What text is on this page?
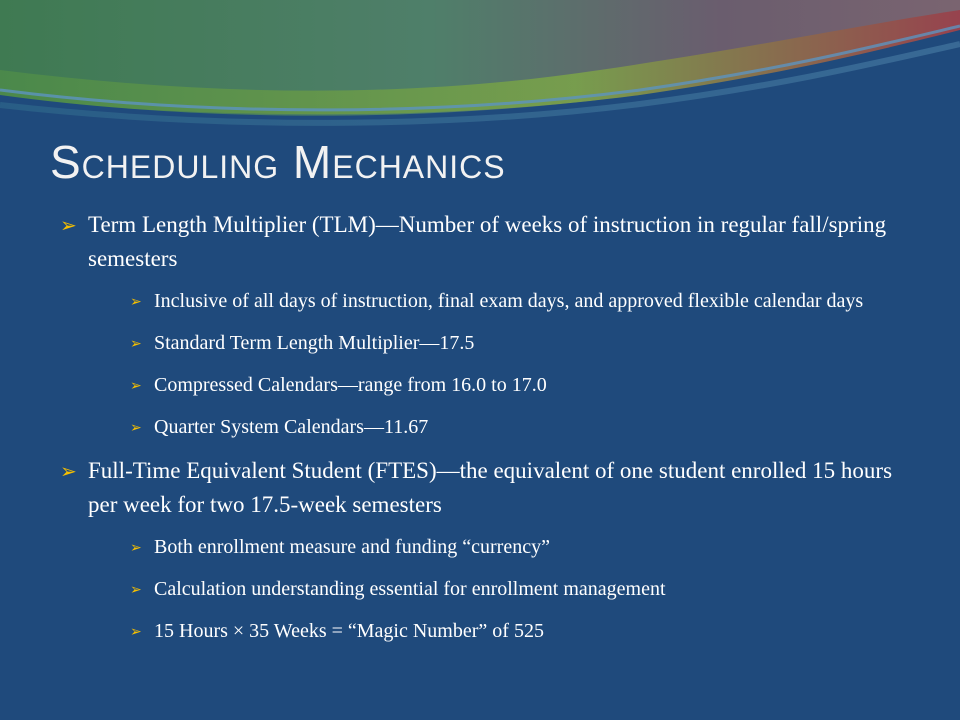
Scheduling Mechanics
➢ Term Length Multiplier (TLM)—Number of weeks of instruction in regular fall/spring semesters
➢ Inclusive of all days of instruction, final exam days, and approved flexible calendar days
➢ Standard Term Length Multiplier—17.5
➢ Compressed Calendars—range from 16.0 to 17.0
➢ Quarter System Calendars—11.67
➢ Full-Time Equivalent Student (FTES)—the equivalent of one student enrolled 15 hours per week for two 17.5-week semesters
➢ Both enrollment measure and funding “currency”
➢ Calculation understanding essential for enrollment management
➢ 15 Hours × 35 Weeks = “Magic Number” of 525
